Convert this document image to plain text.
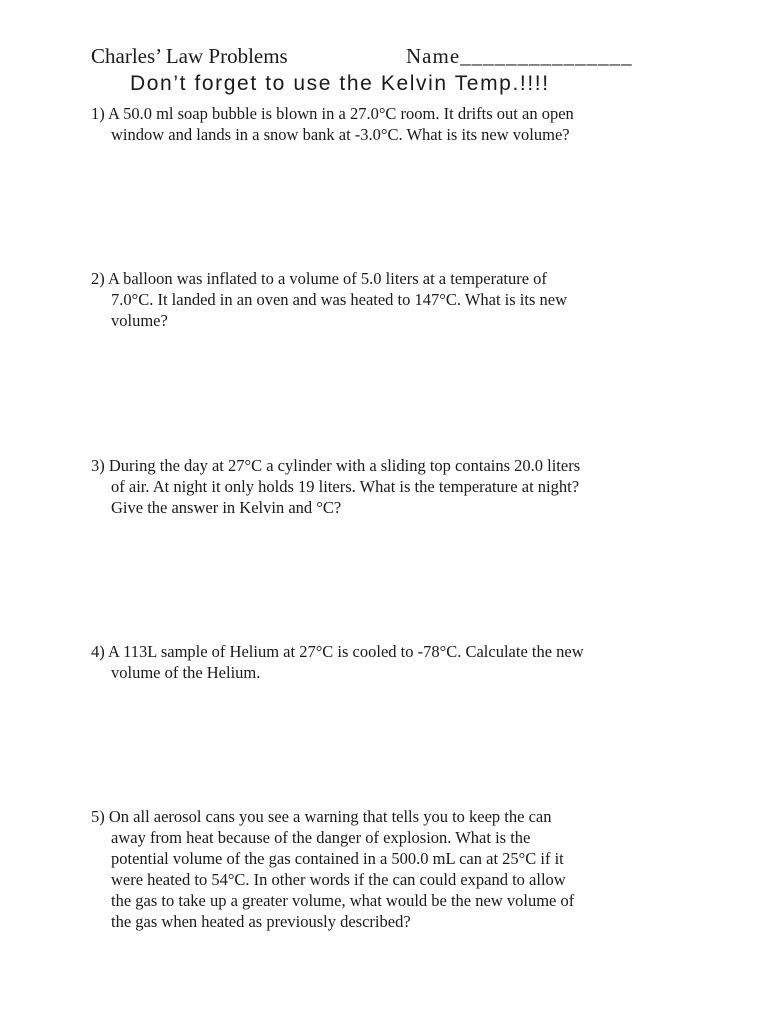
Charles’ Law Problems	Name_______________
Don’t forget to use the Kelvin Temp.!!!!
1) A 50.0 ml soap bubble is blown in a 27.0°C room. It drifts out an open
window and lands in a snow bank at -3.0°C. What is its new volume?
2) A balloon was inflated to a volume of 5.0 liters at a temperature of
7.0°C. It landed in an oven and was heated to 147°C. What is its new
volume?
3) During the day at 27°C a cylinder with a sliding top contains 20.0 liters
of air. At night it only holds 19 liters. What is the temperature at night?
Give the answer in Kelvin and °C?
4) A 113L sample of Helium at 27°C is cooled to -78°C. Calculate the new
volume of the Helium.
5) On all aerosol cans you see a warning that tells you to keep the can
away from heat because of the danger of explosion. What is the
potential volume of the gas contained in a 500.0 mL can at 25°C if it
were heated to 54°C. In other words if the can could expand to allow
the gas to take up a greater volume, what would be the new volume of
the gas when heated as previously described?
